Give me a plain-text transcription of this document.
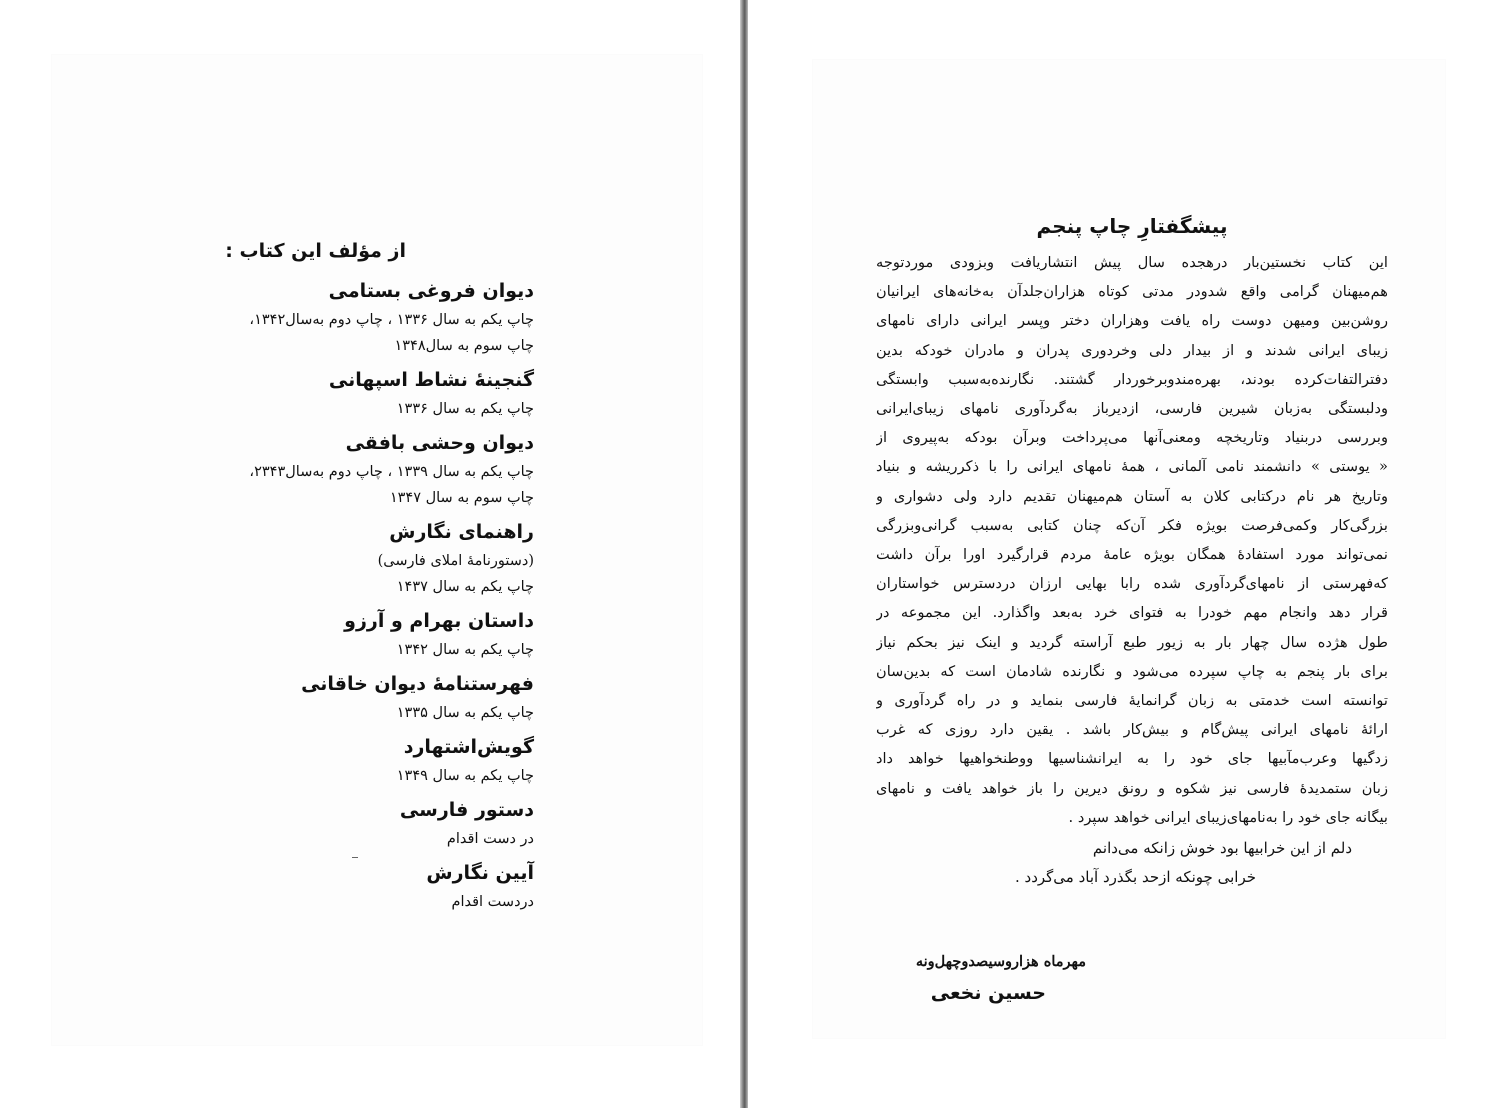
از مؤلف این کتاب :
دیوان فروغی بستامی
چاپ یکم به سال ۱۳۳۶ ، چاپ دوم به‌سال۱۳۴۲،
چاپ سوم به سال۱۳۴۸
گنجینهٔ نشاط اسپهانی
چاپ یکم به سال ۱۳۳۶
دیوان وحشی بافقی
چاپ یکم به سال ۱۳۳۹ ، چاپ دوم به‌سال۲۳۴۳،
چاپ سوم به سال ۱۳۴۷
راهنمای نگارش
(دستورنامهٔ املای فارسی)
چاپ یکم به سال ۱۴۳۷
داستان بهرام و آرزو
چاپ یکم به سال ۱۳۴۲
فهرستنامهٔ دیوان خاقانی
چاپ یکم به سال ۱۳۳۵
گویش‌اشتهارد
چاپ یکم به سال ۱۳۴۹
دستور فارسی
در دست اقدام
آیین نگارش
دردست اقدام
پیشگفتارِ چاپ پنجم
این کتاب نخستین‌بار درهجده سال‌ پیش انتشاریافت وبزودی موردتوجه
هم‌میهنان گرامی واقع شدودر مدتی کوتاه هزاران‌جلدآن به‌خانه‌های ایرانیان
روشن‌بین ومیهن دوست راه یافت وهزاران دختر وپسر ایرانی دارای نامهای
زیبای ایرانی شدند و از بیدار دلی وخردوری پدران و مادران خودکه بدین
دفترالتفات‌کرده بودند، بهره‌مندوبرخوردار گشتند. نگارنده‌به‌سبب وابستگی
ودلبستگی به‌زبان شیرین فارسی، ازدیرباز به‌گردآوری نامهای زیبای‌ایرانی
وبررسی دربنیاد وتاریخچه ومعنی‌آنها می‌پرداخت وبرآن بودکه به‌پیروی از
« یوستی » دانشمند نامی آلمانی ، همهٔ نامهای ایرانی را با ذکرریشه و بنیاد
وتاریخ هر نام درکتابی کلان به آستان هم‌میهنان تقدیم دارد ولی دشواری و
بزرگی‌کار وکمی‌فرصت بویژه فکر آن‌که چنان کتابی به‌سبب گرانی‌وبزرگی
نمی‌تواند مورد استفادهٔ همگان بویژه عامهٔ مردم قرارگیرد اورا برآن داشت
که‌فهرستی از نامهای‌گردآوری شده رابا بهایی ارزان دردسترس خواستاران
قرار دهد وانجام مهم خودرا به فتوای خرد به‌بعد واگذارد. این مجموعه در
طول هژده سال چهار بار به زیور طبع آراسته گردید و اینک نیز بحکم نیاز
برای بار پنجم به چاپ سپرده می‌شود و نگارنده شادمان است که بدین‌سان
توانسته است خدمتی به زبان گرانمایهٔ فارسی بنماید و در راه گردآوری و
ارائهٔ نامهای ایرانی پیش‌گام و بیش‌کار باشد . یقین دارد روزی که غرب‌
زدگیها وعرب‌مآبیها جای خود را به ایرانشناسیها ووطنخواهیها خواهد داد
زبان ستمدیدهٔ فارسی نیز شکوه و رونق دیرین را باز خواهد یافت و نامهای
بیگانه جای خود را به‌نامهای‌زیبای ایرانی خواهد سپرد .
دلم از این خرابیها بود خوش زانکه می‌دانم
خرابی چونکه ازحد بگذرد آباد می‌گردد .
مهرماه هزاروسیصدوچهل‌ونه
حسین نخعی
